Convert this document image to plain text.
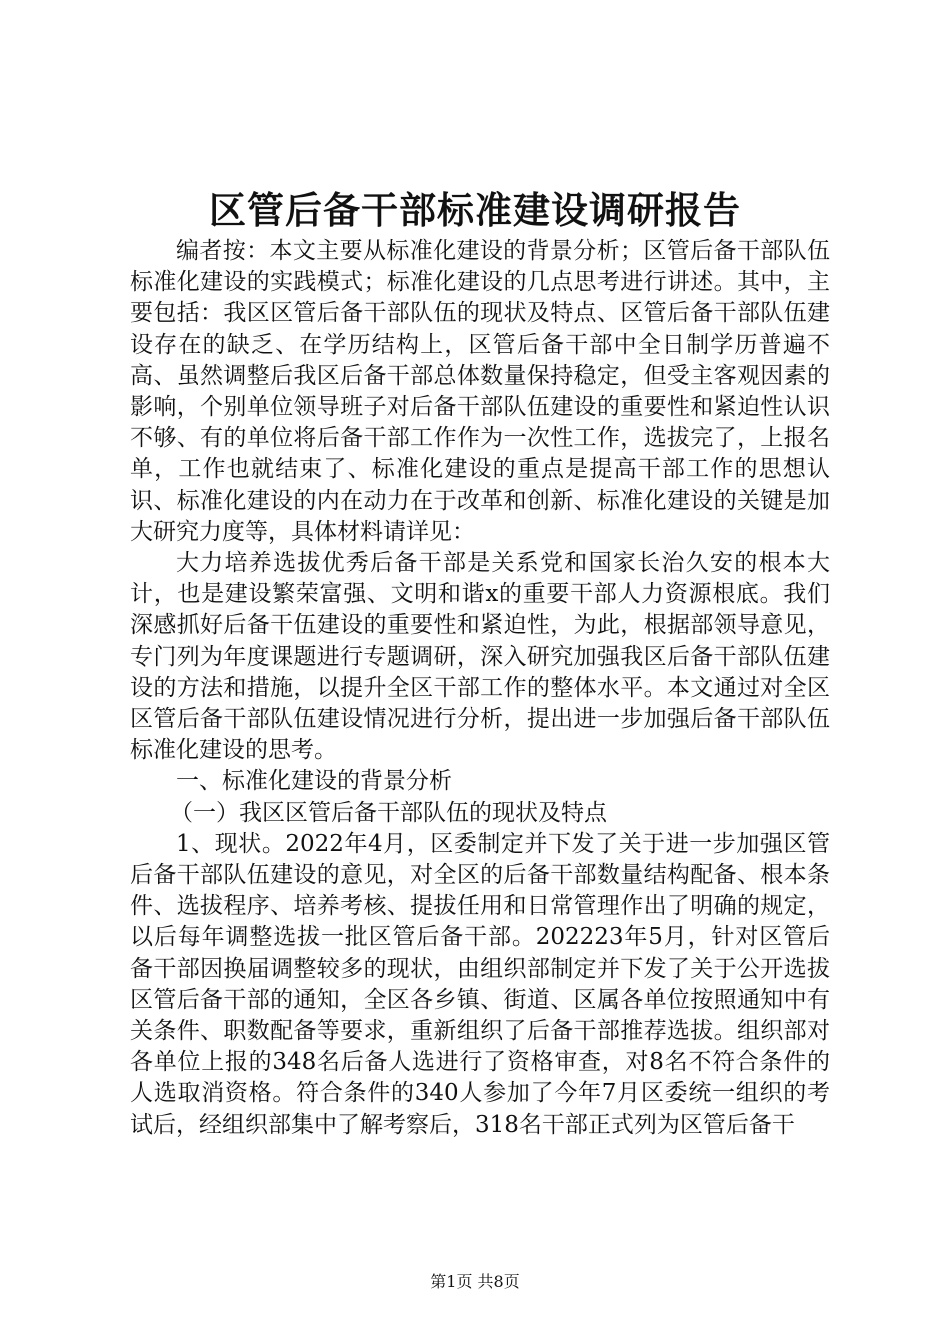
区管后备干部标准建设调研报告

编者按：本文主要从标准化建设的背景分析；区管后备干部队伍标准化建设的实践模式；标准化建设的几点思考进行讲述。其中，主要包括：我区区管后备干部队伍的现状及特点、区管后备干部队伍建设存在的缺乏、在学历结构上，区管后备干部中全日制学历普遍不高、虽然调整后我区后备干部总体数量保持稳定，但受主客观因素的影响，个别单位领导班子对后备干部队伍建设的重要性和紧迫性认识不够、有的单位将后备干部工作作为一次性工作，选拔完了，上报名单，工作也就结束了、标准化建设的重点是提高干部工作的思想认识、标准化建设的内在动力在于改革和创新、标准化建设的关键是加大研究力度等，具体材料请详见：

大力培养选拔优秀后备干部是关系党和国家长治久安的根本大计，也是建设繁荣富强、文明和谐x的重要干部人力资源根底。我们深感抓好后备干伍建设的重要性和紧迫性，为此，根据部领导意见，专门列为年度课题进行专题调研，深入研究加强我区后备干部队伍建设的方法和措施，以提升全区干部工作的整体水平。本文通过对全区区管后备干部队伍建设情况进行分析，提出进一步加强后备干部队伍标准化建设的思考。

一、标准化建设的背景分析

（一）我区区管后备干部队伍的现状及特点

1、现状。2022年4月，区委制定并下发了关于进一步加强区管后备干部队伍建设的意见，对全区的后备干部数量结构配备、根本条件、选拔程序、培养考核、提拔任用和日常管理作出了明确的规定，以后每年调整选拔一批区管后备干部。202223年5月，针对区管后备干部因换届调整较多的现状，由组织部制定并下发了关于公开选拔区管后备干部的通知，全区各乡镇、街道、区属各单位按照通知中有关条件、职数配备等要求，重新组织了后备干部推荐选拔。组织部对各单位上报的348名后备人选进行了资格审查，对8名不符合条件的人选取消资格。符合条件的340人参加了今年7月区委统一组织的考试后，经组织部集中了解考察后，318名干部正式列为区管后备干

第1页 共8页
